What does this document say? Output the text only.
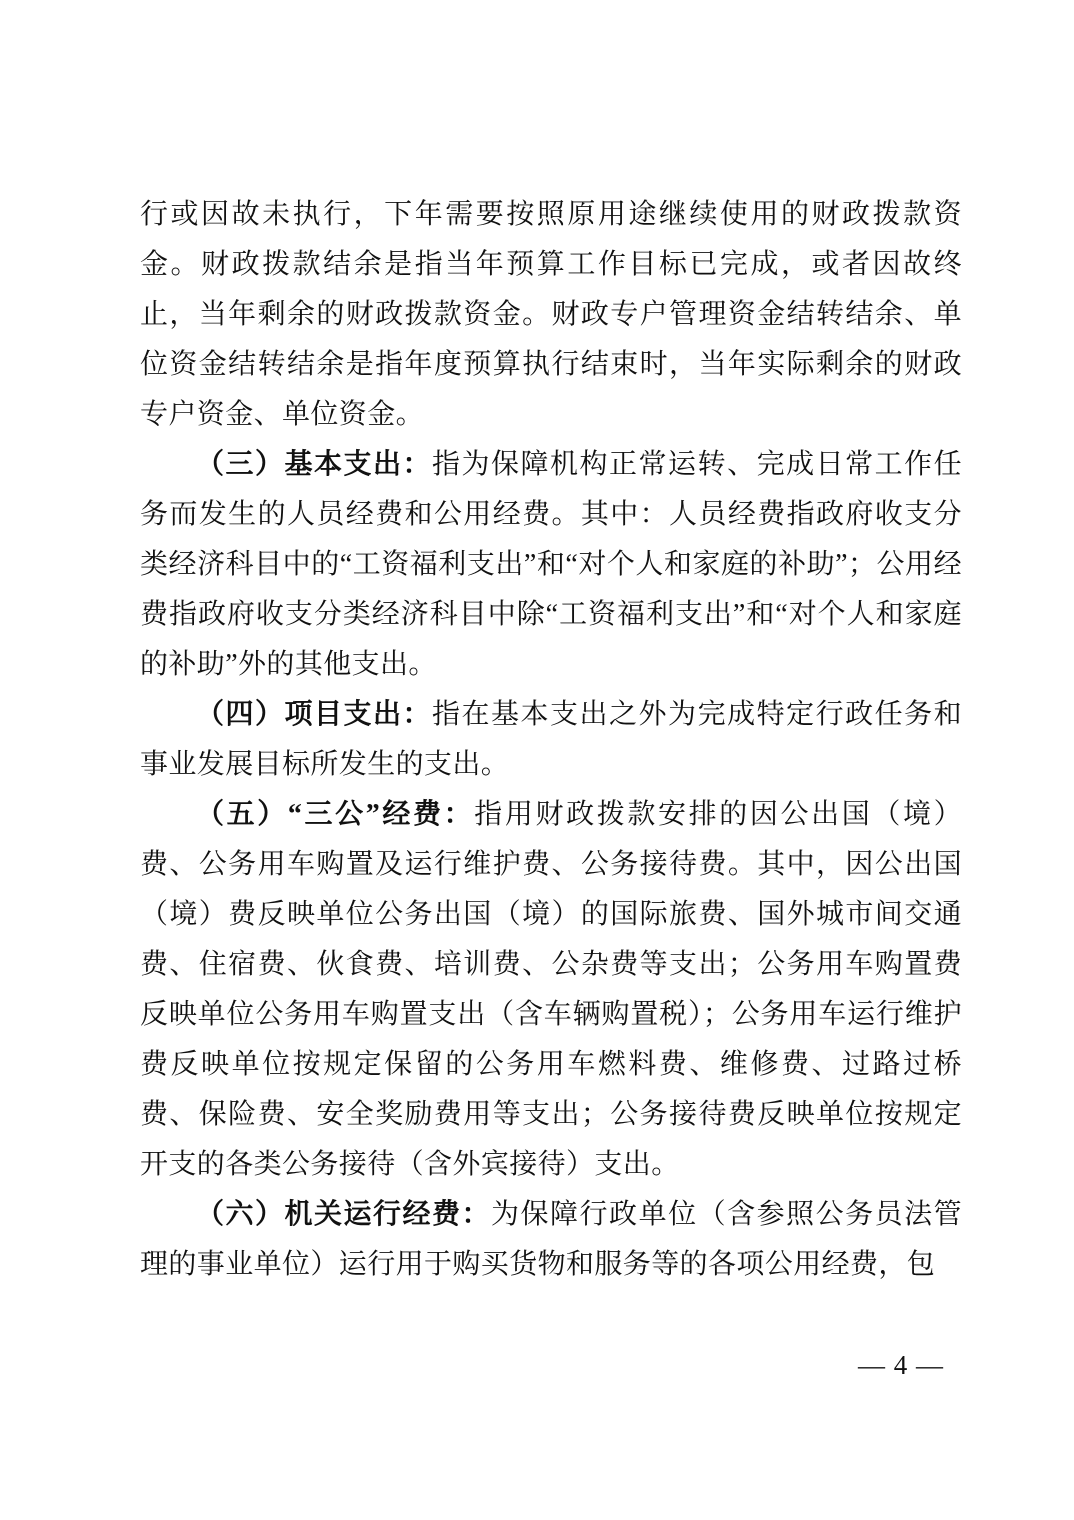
行或因故未执行，下年需要按照原用途继续使用的财政拨款资金。财政拨款结余是指当年预算工作目标已完成，或者因故终止，当年剩余的财政拨款资金。财政专户管理资金结转结余、单位资金结转结余是指年度预算执行结束时，当年实际剩余的财政专户资金、单位资金。

（三）基本支出：指为保障机构正常运转、完成日常工作任务而发生的人员经费和公用经费。其中：人员经费指政府收支分类经济科目中的“工资福利支出”和“对个人和家庭的补助”；公用经费指政府收支分类经济科目中除“工资福利支出”和“对个人和家庭的补助”外的其他支出。

（四）项目支出：指在基本支出之外为完成特定行政任务和事业发展目标所发生的支出。

（五）“三公”经费：指用财政拨款安排的因公出国（境）费、公务用车购置及运行维护费、公务接待费。其中，因公出国（境）费反映单位公务出国（境）的国际旅费、国外城市间交通费、住宿费、伙食费、培训费、公杂费等支出；公务用车购置费反映单位公务用车购置支出（含车辆购置税）；公务用车运行维护费反映单位按规定保留的公务用车燃料费、维修费、过路过桥费、保险费、安全奖励费用等支出；公务接待费反映单位按规定开支的各类公务接待（含外宾接待）支出。

（六）机关运行经费：为保障行政单位（含参照公务员法管理的事业单位）运行用于购买货物和服务等的各项公用经费，包

— 4 —
